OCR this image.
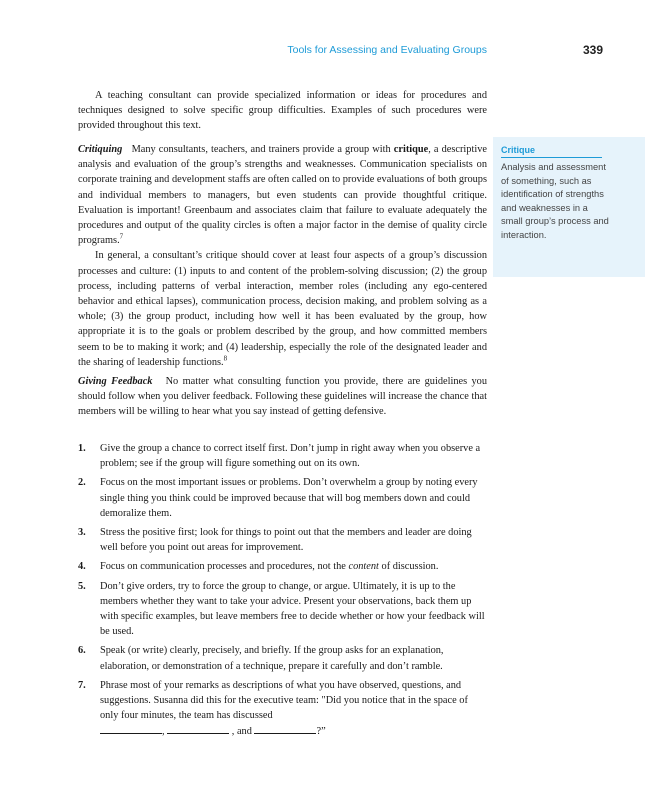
Tools for Assessing and Evaluating Groups	339

A teaching consultant can provide specialized information or ideas for procedures and techniques designed to solve specific group difficulties. Examples of such procedures were provided throughout this text.

Critiquing Many consultants, teachers, and trainers provide a group with critique, a descriptive analysis and evaluation of the group’s strengths and weaknesses. Communication specialists on corporate training and development staffs are often called on to provide evaluations of both groups and individual members to managers, but even students can provide thoughtful critique. Evaluation is important! Greenbaum and associates claim that failure to evaluate adequately the procedures and output of the quality circles is often a major factor in the demise of quality circle programs.$^7$

In general, a consultant’s critique should cover at least four aspects of a group’s discussion processes and culture: (1) inputs to and content of the problem-solving discussion; (2) the group process, including patterns of verbal interaction, member roles (including any ego-centered behavior and ethical lapses), communication process, decision making, and problem solving as a whole; (3) the group product, including how well it has been evaluated by the group, how appropriate it is to the goals or problem described by the group, and how committed members seem to be to making it work; and (4) leadership, especially the role of the designated leader and the sharing of leadership functions.$^8$

Critique
Analysis and assessment of something, such as identification of strengths and weaknesses in a small group’s process and interaction.

Giving Feedback No matter what consulting function you provide, there are guidelines you should follow when you deliver feedback. Following these guidelines will increase the chance that members will be willing to hear what you say instead of getting defensive.

1. Give the group a chance to correct itself first. Don’t jump in right away when you observe a problem; see if the group will figure something out on its own.
2. Focus on the most important issues or problems. Don’t overwhelm a group by noting every single thing you think could be improved because that will bog members down and could demoralize them.
3. Stress the positive first; look for things to point out that the members and leader are doing well before you point out areas for improvement.
4. Focus on communication processes and procedures, not the content of discussion.
5. Don’t give orders, try to force the group to change, or argue. Ultimately, it is up to the members whether they want to take your advice. Present your observations, back them up with specific examples, but leave members free to decide whether or how your feedback will be used.
6. Speak (or write) clearly, precisely, and briefly. If the group asks for an explanation, elaboration, or demonstration of a technique, prepare it carefully and don’t ramble.
7. Phrase most of your remarks as descriptions of what you have observed, questions, and suggestions. Susanna did this for the executive team: "Did you notice that in the space of only four minutes, the team has discussed
,	, and	?”
